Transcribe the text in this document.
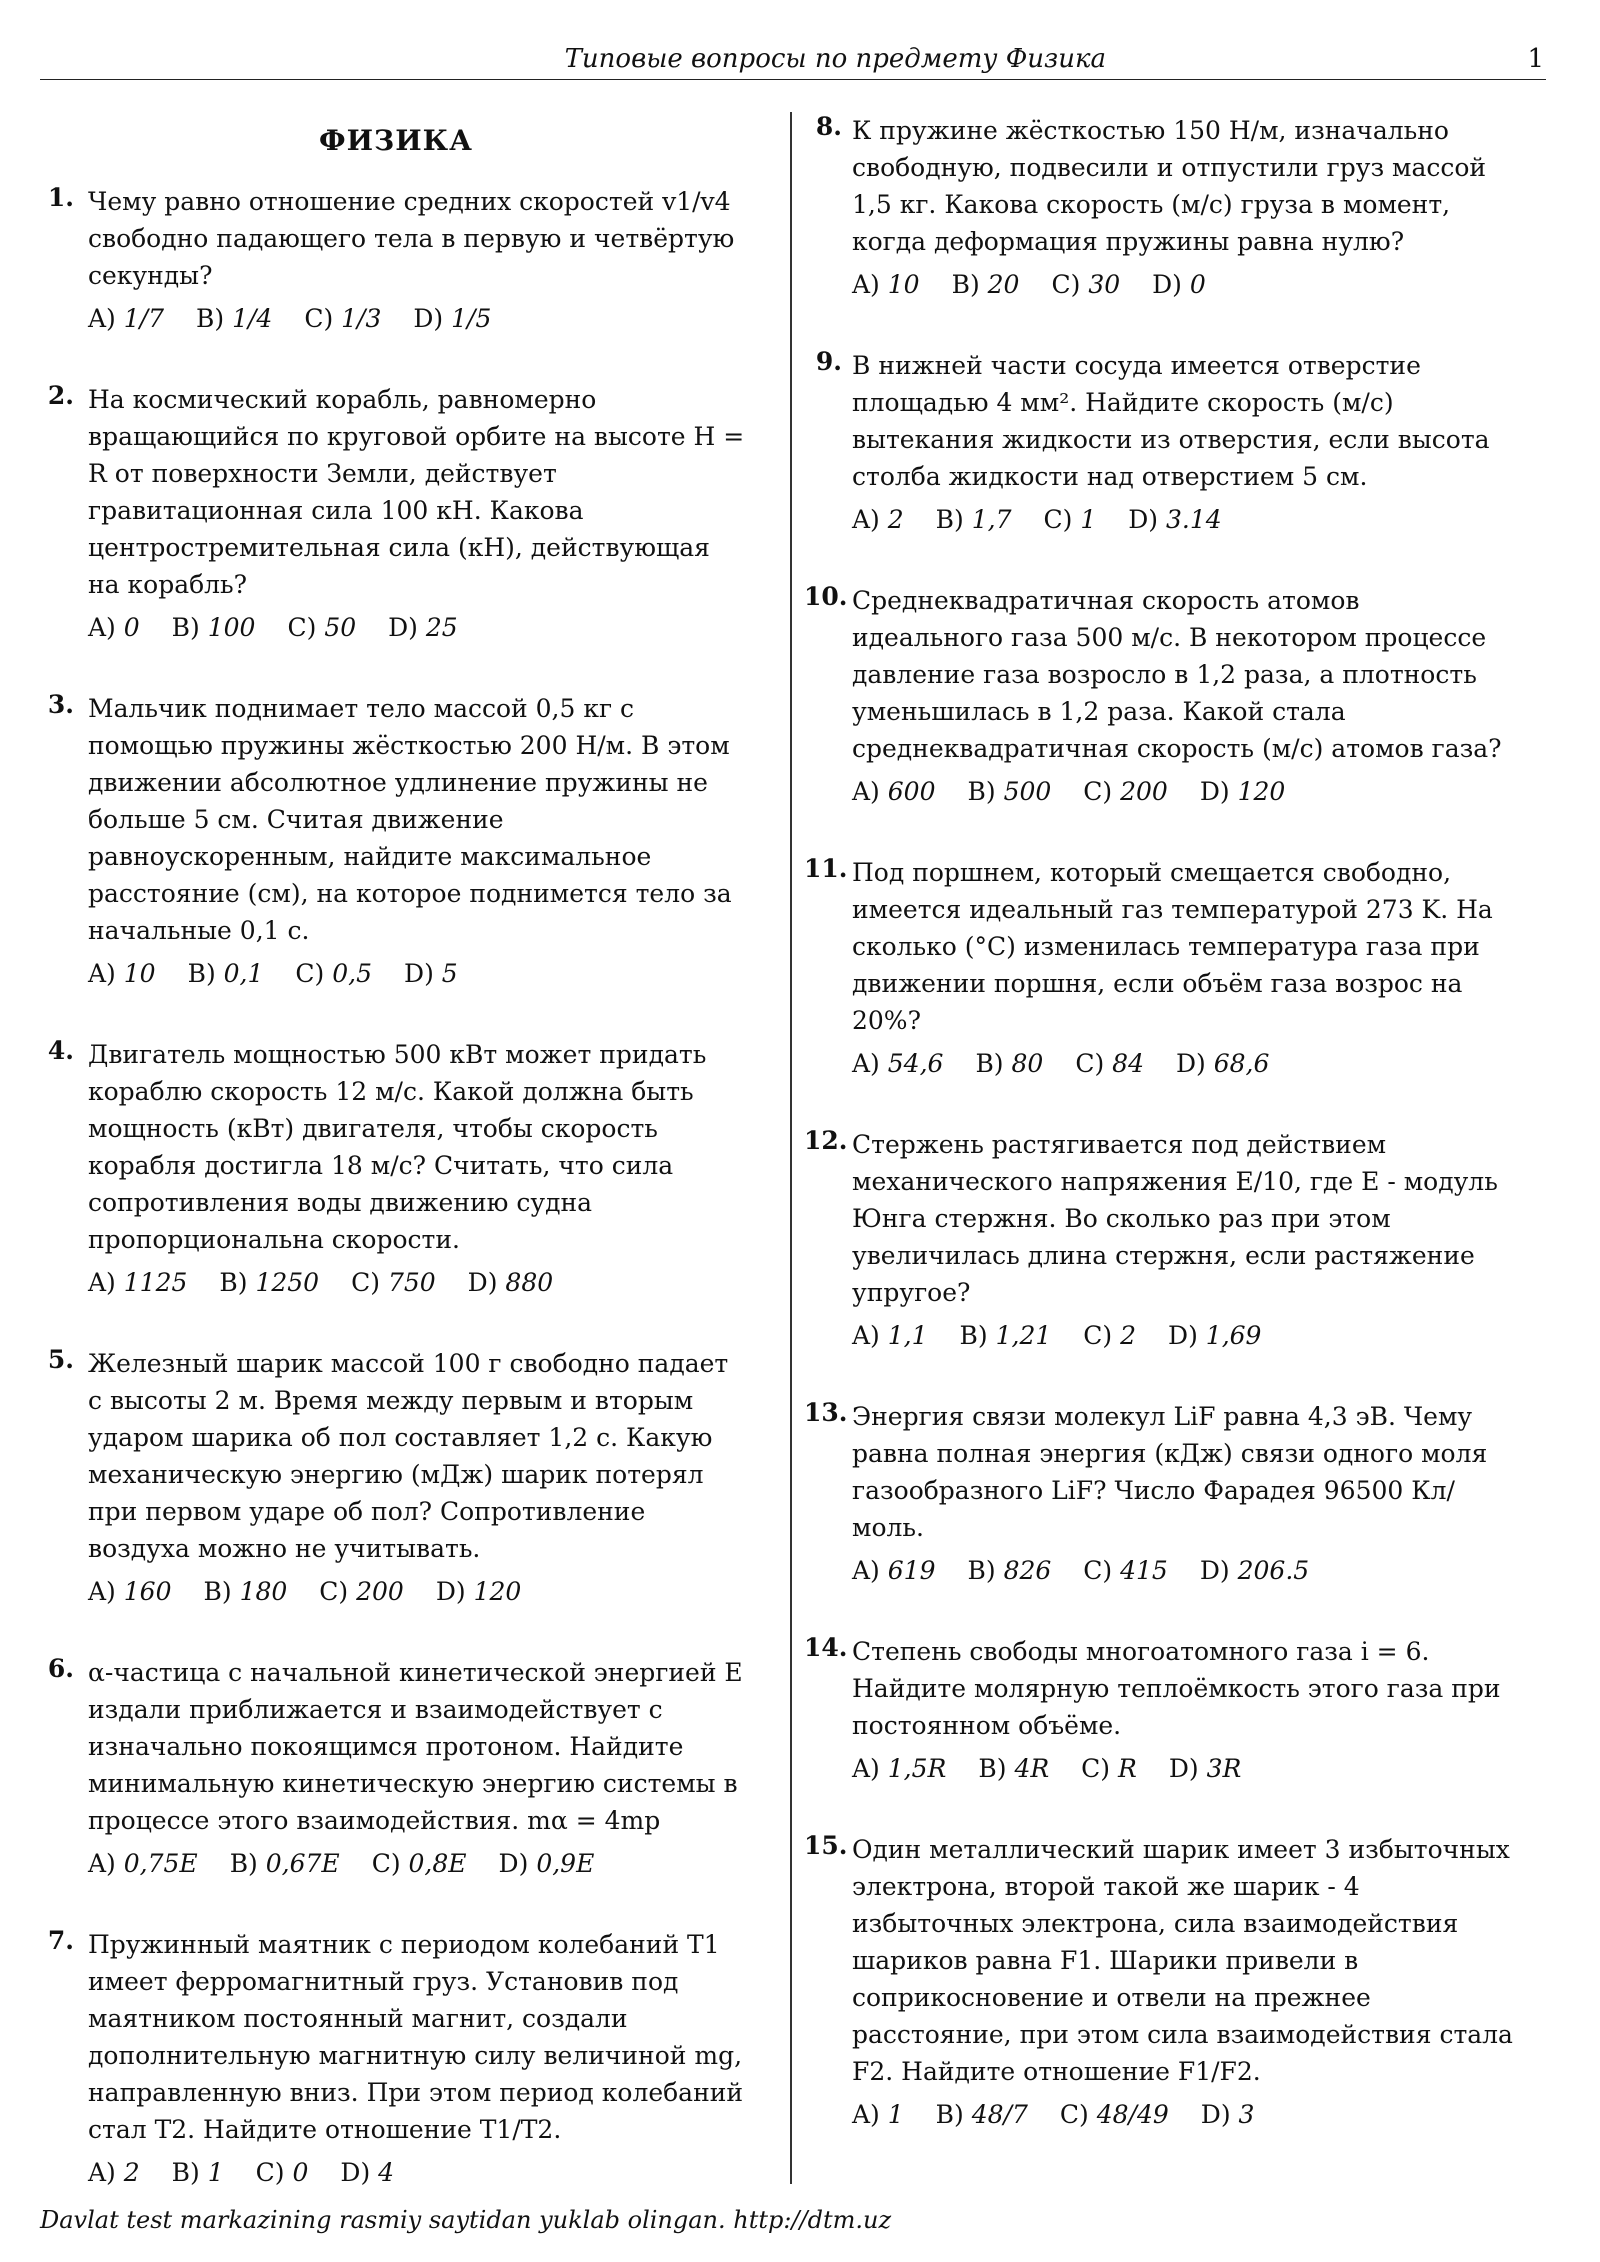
Типовые вопросы по предмету Физика	1
ФИЗИКА
1. Чему равно отношение средних скоростей v1/v4 свободно падающего тела в первую и четвёртую секунды?
A) 1/7 B) 1/4 C) 1/3 D) 1/5
2. На космический корабль, равномерно вращающийся по круговой орбите на высоте H = R от поверхности Земли, действует гравитационная сила 100 кН. Какова центростремительная сила (кН), действующая на корабль?
A) 0 B) 100 C) 50 D) 25
3. Мальчик поднимает тело массой 0,5 кг с помощью пружины жёсткостью 200 Н/м. В этом движении абсолютное удлинение пружины не больше 5 см. Считая движение равноускоренным, найдите максимальное расстояние (см), на которое поднимется тело за начальные 0,1 с.
A) 10 B) 0,1 C) 0,5 D) 5
4. Двигатель мощностью 500 кВт может придать кораблю скорость 12 м/с. Какой должна быть мощность (кВт) двигателя, чтобы скорость корабля достигла 18 м/с? Считать, что сила сопротивления воды движению судна пропорциональна скорости.
A) 1125 B) 1250 C) 750 D) 880
5. Железный шарик массой 100 г свободно падает с высоты 2 м. Время между первым и вторым ударом шарика об пол составляет 1,2 с. Какую механическую энергию (мДж) шарик потерял при первом ударе об пол? Сопротивление воздуха можно не учитывать.
A) 160 B) 180 C) 200 D) 120
6. α-частица с начальной кинетической энергией Е издали приближается и взаимодействует с изначально покоящимся протоном. Найдите минимальную кинетическую энергию системы в процессе этого взаимодействия. mα = 4mp
A) 0,75E B) 0,67E C) 0,8E D) 0,9E
7. Пружинный маятник с периодом колебаний T1 имеет ферромагнитный груз. Установив под маятником постоянный магнит, создали дополнительную магнитную силу величиной mg, направленную вниз. При этом период колебаний стал T2. Найдите отношение T1/T2.
A) 2 B) 1 C) 0 D) 4
8. К пружине жёсткостью 150 Н/м, изначально свободную, подвесили и отпустили груз массой 1,5 кг. Какова скорость (м/с) груза в момент, когда деформация пружины равна нулю?
A) 10 B) 20 C) 30 D) 0
9. В нижней части сосуда имеется отверстие площадью 4 мм². Найдите скорость (м/с) вытекания жидкости из отверстия, если высота столба жидкости над отверстием 5 см.
A) 2 B) 1,7 C) 1 D) 3.14
10. Среднеквадратичная скорость атомов идеального газа 500 м/с. В некотором процессе давление газа возросло в 1,2 раза, а плотность уменьшилась в 1,2 раза. Какой стала среднеквадратичная скорость (м/с) атомов газа?
A) 600 B) 500 C) 200 D) 120
11. Под поршнем, который смещается свободно, имеется идеальный газ температурой 273 K. На сколько (°C) изменилась температура газа при движении поршня, если объём газа возрос на 20%?
A) 54,6 B) 80 C) 84 D) 68,6
12. Стержень растягивается под действием механического напряжения E/10, где E - модуль Юнга стержня. Во сколько раз при этом увеличилась длина стержня, если растяжение упругое?
A) 1,1 B) 1,21 C) 2 D) 1,69
13. Энергия связи молекул LiF равна 4,3 эВ. Чему равна полная энергия (кДж) связи одного моля газообразного LiF? Число Фарадея 96500 Кл/моль.
A) 619 B) 826 C) 415 D) 206.5
14. Степень свободы многоатомного газа i = 6. Найдите молярную теплоёмкость этого газа при постоянном объёме.
A) 1,5R B) 4R C) R D) 3R
15. Один металлический шарик имеет 3 избыточных электрона, второй такой же шарик - 4 избыточных электрона, сила взаимодействия шариков равна F1. Шарики привели в соприкосновение и отвели на прежнее расстояние, при этом сила взаимодействия стала F2. Найдите отношение F1/F2.
A) 1 B) 48/7 C) 48/49 D) 3
Davlat test markazining rasmiy saytidan yuklab olingan. http://dtm.uz
